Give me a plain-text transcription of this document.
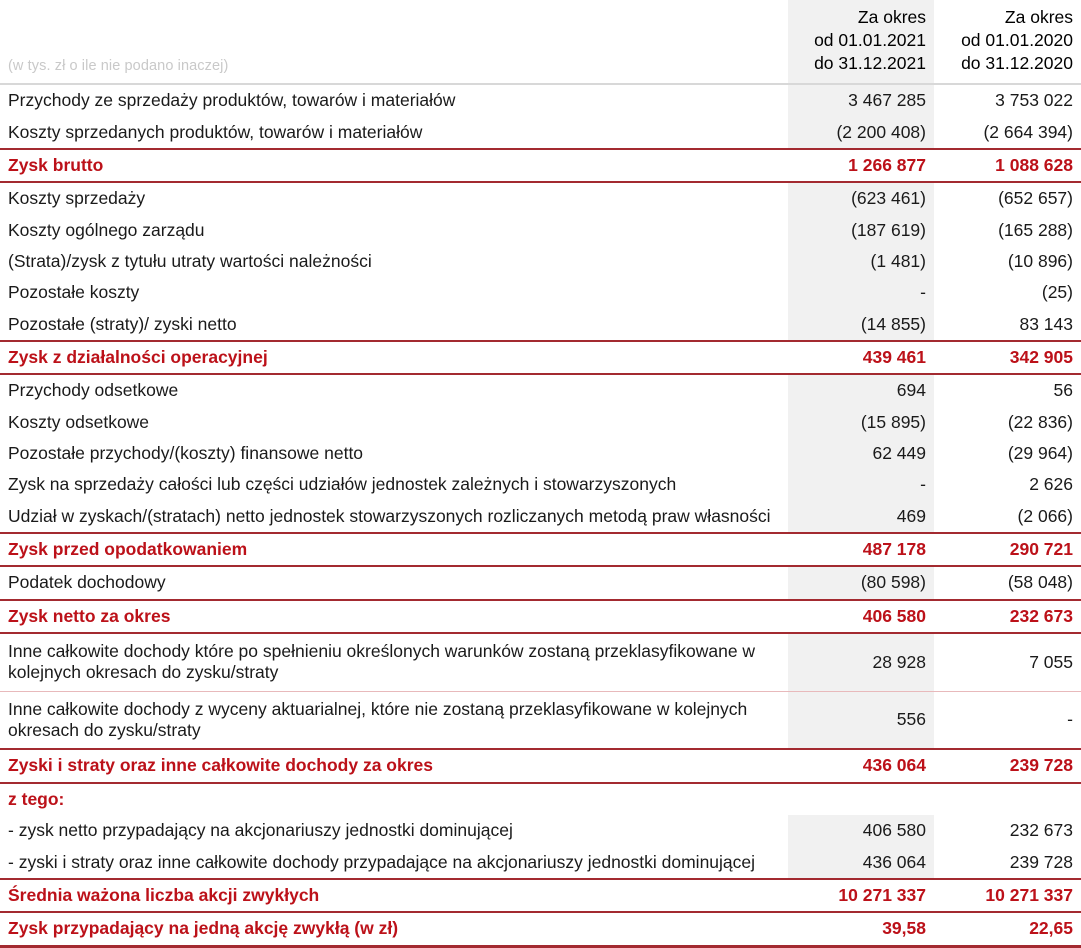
(w tys. zł o ile nie podano inaczej)	Za okres
od 01.01.2021
do 31.12.2021	Za okres
od 01.01.2020
do 31.12.2020

Przychody ze sprzedaży produktów, towarów i materiałów	3 467 285	3 753 022
Koszty sprzedanych produktów, towarów i materiałów	(2 200 408)	(2 664 394)
Zysk brutto	1 266 877	1 088 628
Koszty sprzedaży	(623 461)	(652 657)
Koszty ogólnego zarządu	(187 619)	(165 288)
(Strata)/zysk z tytułu utraty wartości należności	(1 481)	(10 896)
Pozostałe koszty	-	(25)
Pozostałe (straty)/ zyski netto	(14 855)	83 143
Zysk z działalności operacyjnej	439 461	342 905
Przychody odsetkowe	694	56
Koszty odsetkowe	(15 895)	(22 836)
Pozostałe przychody/(koszty) finansowe netto	62 449	(29 964)
Zysk na sprzedaży całości lub części udziałów jednostek zależnych i stowarzyszonych	-	2 626
Udział w zyskach/(stratach) netto jednostek stowarzyszonych rozliczanych metodą praw własności	469	(2 066)
Zysk przed opodatkowaniem	487 178	290 721
Podatek dochodowy	(80 598)	(58 048)
Zysk netto za okres	406 580	232 673
Inne całkowite dochody które po spełnieniu określonych warunków zostaną przeklasyfikowane w kolejnych okresach do zysku/straty	28 928	7 055
Inne całkowite dochody z wyceny aktuarialnej, które nie zostaną przeklasyfikowane w kolejnych okresach do zysku/straty	556	-
Zyski i straty oraz inne całkowite dochody za okres	436 064	239 728
z tego:		
- zysk netto przypadający na akcjonariuszy jednostki dominującej	406 580	232 673
- zyski i straty oraz inne całkowite dochody przypadające na akcjonariuszy jednostki dominującej	436 064	239 728
Średnia ważona liczba akcji zwykłych	10 271 337	10 271 337
Zysk przypadający na jedną akcję zwykłą (w zł)	39,58	22,65
